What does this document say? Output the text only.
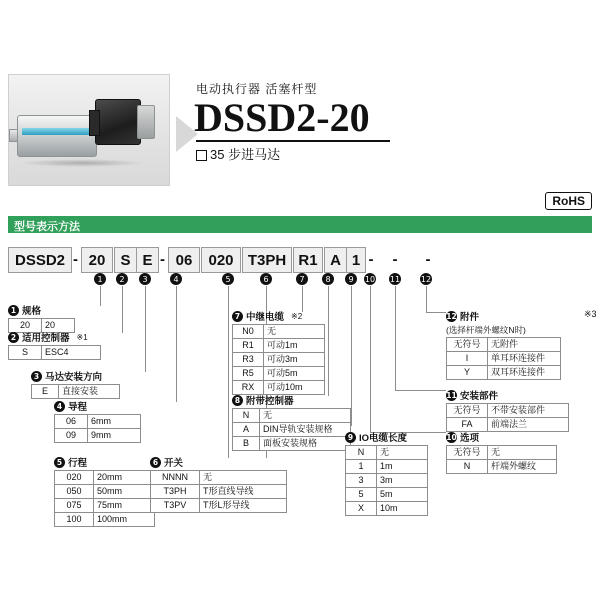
电动执行器 活塞杆型
DSSD2-20
35 步进马达
RoHS
型号表示方法
DSSD2 - 20	S E - 06	020 T3PH R1 A 1 - - -
1	2	3	4	5	6	7	8	9	10 11	12
1 规格
20	20
2 适用控制器 ※1
S	ESC4
3 马达安装方向
E	直接安装
4 导程
06	6mm
09	9mm
5 行程
020	20mm
050	50mm
075	75mm
100	100mm
6 开关
NNNN	无
T3PH	T形直线导线
T3PV	T形L形导线
7 中继电缆 ※2
N0	无
R1	可动1m
R3	可动3m
R5	可动5m
RX	可动10m
8 附带控制器
N	无
A	DIN导轨安装规格
B	面板安装规格
9 IO电缆长度
N	无
1	1m
3	3m
5	5m
X	10m
10 选项
无符号	无
N	杆端外螺纹
11 安装部件
无符号	不带安装部件
FA	前端法兰
12 附件
(选择杆端外螺纹N时)
无符号	无附件
I	单耳环连接件
Y	双耳环连接件
※3
